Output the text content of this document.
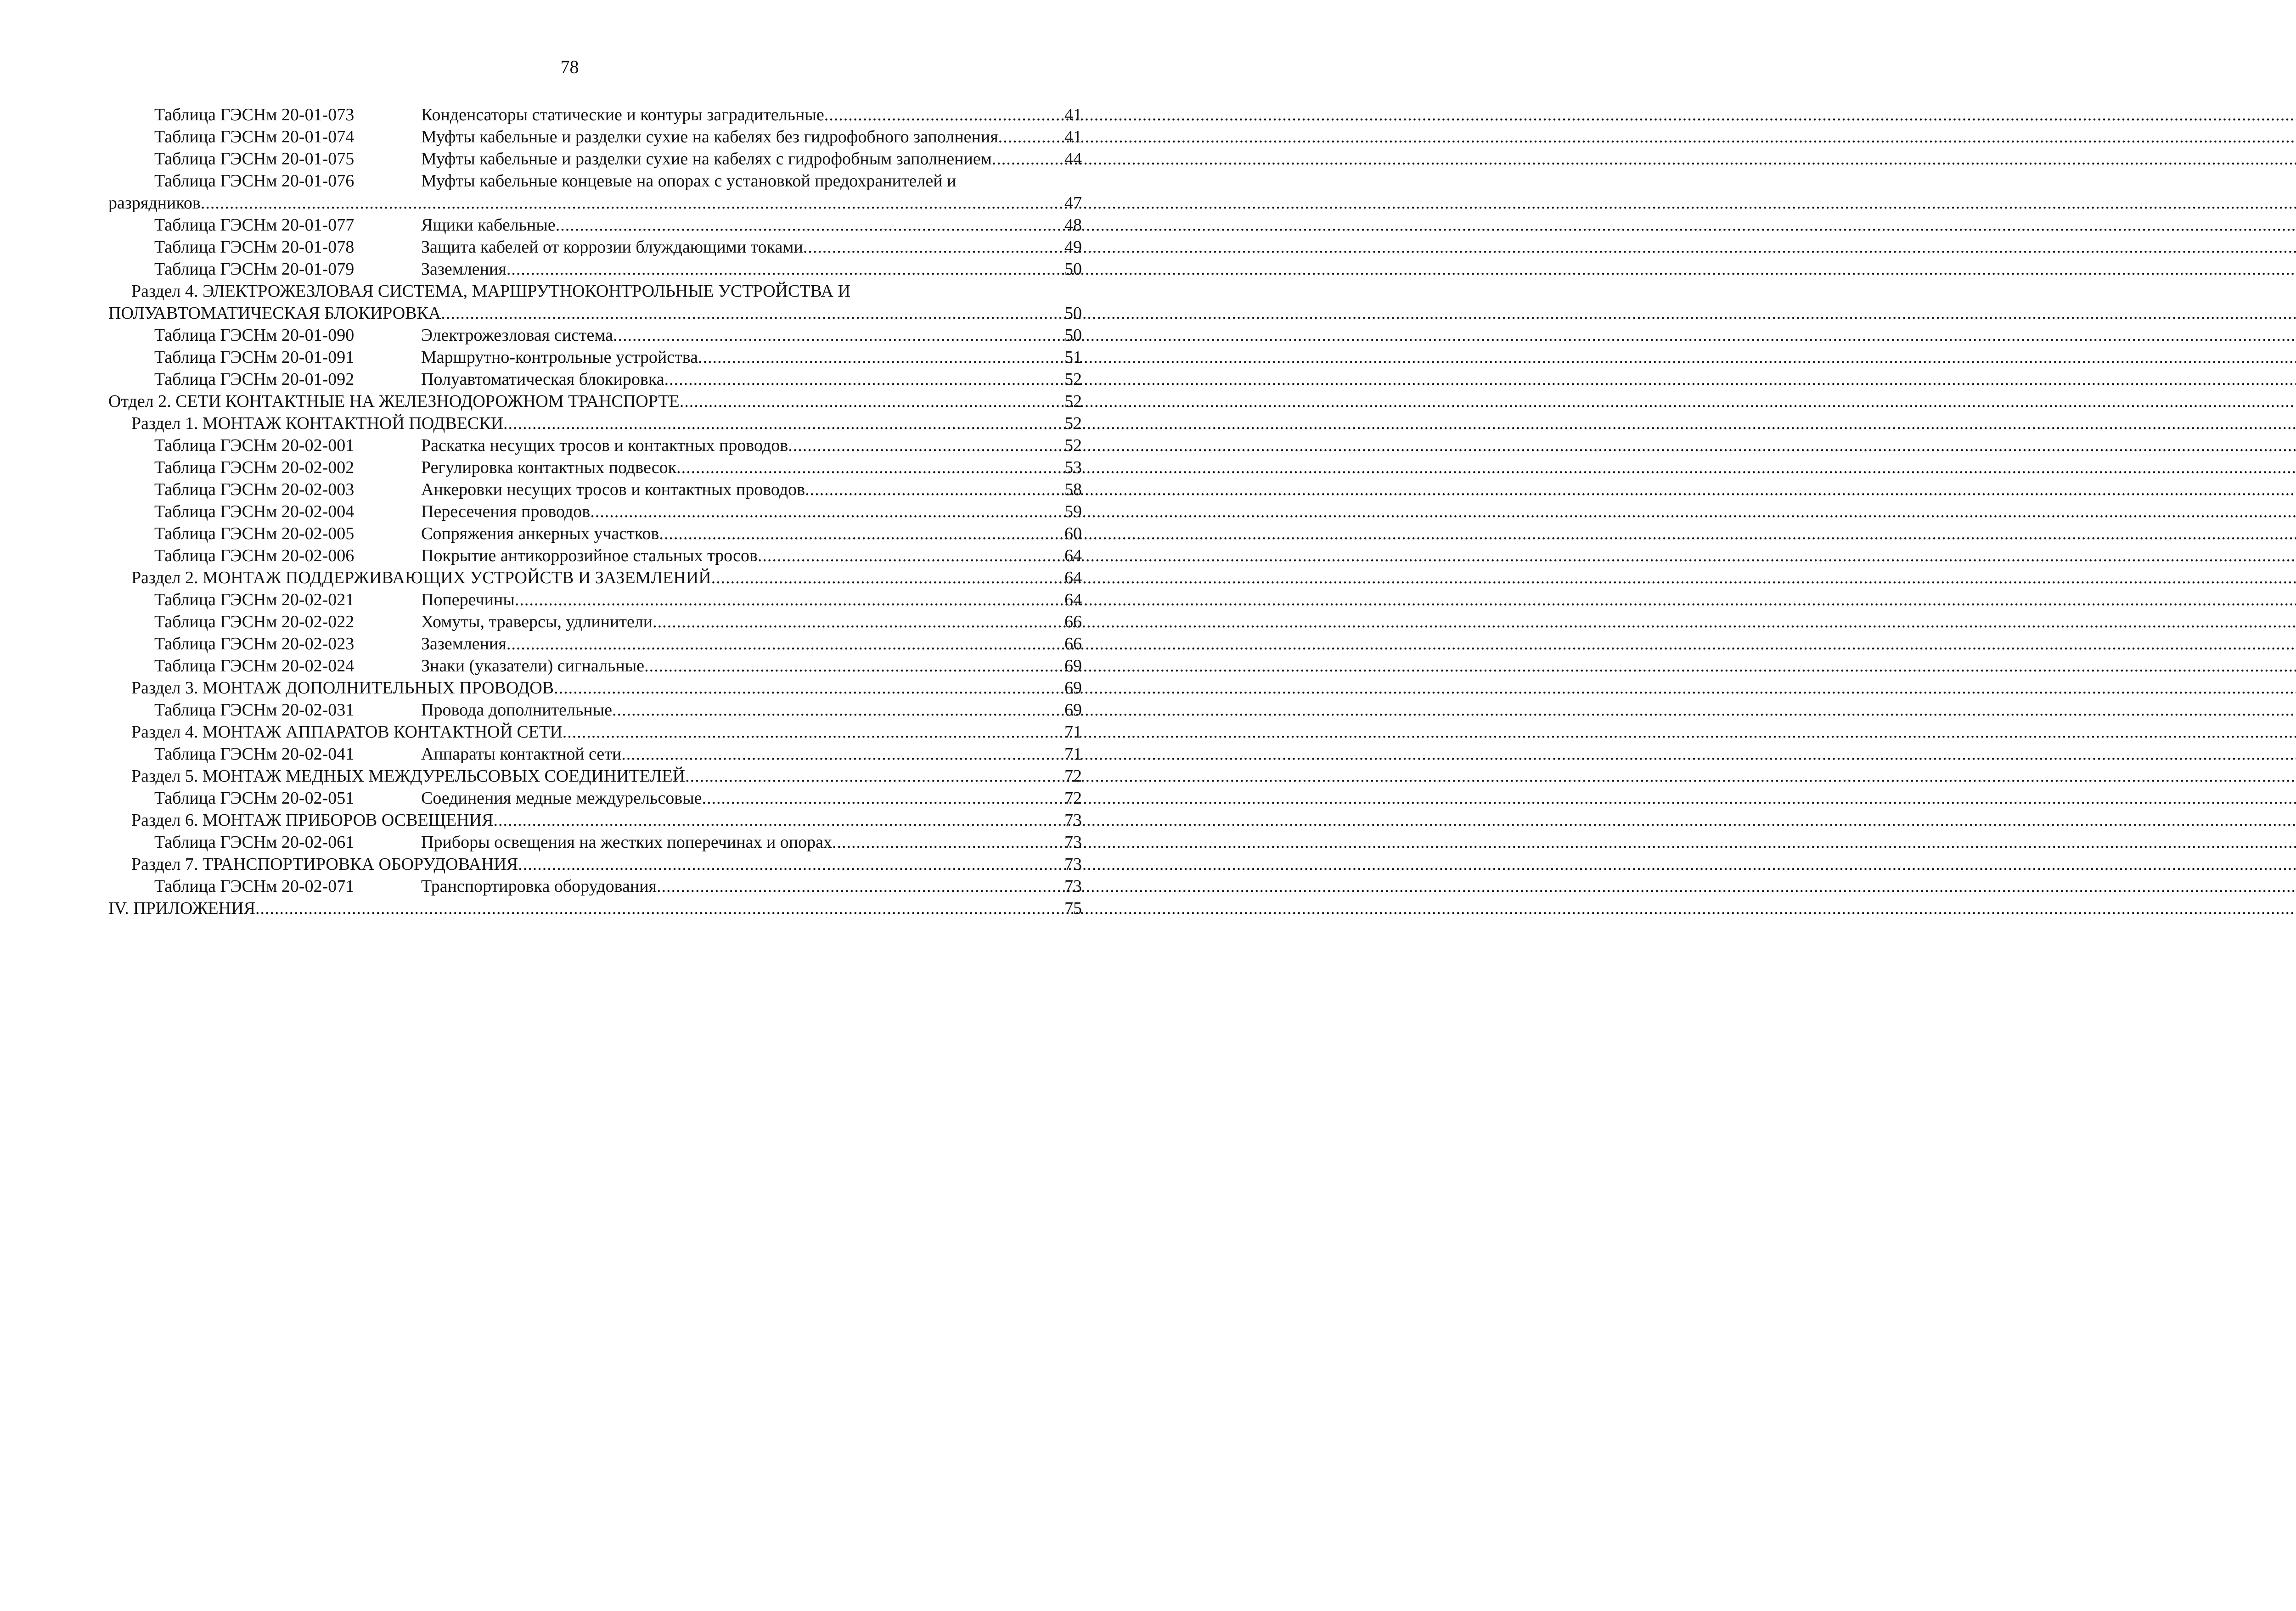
78
Таблица ГЭСНм 20-01-073	Конденсаторы статические и контуры заградительные .....	41
Таблица ГЭСНм 20-01-074	Муфты кабельные и разделки сухие на кабелях без гидрофобного заполнения .....	41
Таблица ГЭСНм 20-01-075	Муфты кабельные и разделки сухие на кабелях с гидрофобным заполнением .....	44
Таблица ГЭСНм 20-01-076	Муфты кабельные концевые на опорах с установкой предохранителей и
разрядников .....	47
Таблица ГЭСНм 20-01-077	Ящики кабельные .....	48
Таблица ГЭСНм 20-01-078	Защита кабелей от коррозии блуждающими токами .....	49
Таблица ГЭСНм 20-01-079	Заземления .....	50
Раздел 4. ЭЛЕКТРОЖЕЗЛОВАЯ СИСТЕМА, МАРШРУТНОКОНТРОЛЬНЫЕ УСТРОЙСТВА И
ПОЛУАВТОМАТИЧЕСКАЯ БЛОКИРОВКА .....	50
Таблица ГЭСНм 20-01-090	Электрожезловая система .....	50
Таблица ГЭСНм 20-01-091	Маршрутно-контрольные устройства .....	51
Таблица ГЭСНм 20-01-092	Полуавтоматическая блокировка .....	52
Отдел 2. СЕТИ КОНТАКТНЫЕ НА ЖЕЛЕЗНОДОРОЖНОМ ТРАНСПОРТЕ .....	52
Раздел 1. МОНТАЖ КОНТАКТНОЙ ПОДВЕСКИ .....	52
Таблица ГЭСНм 20-02-001	Раскатка несущих тросов и контактных проводов .....	52
Таблица ГЭСНм 20-02-002	Регулировка контактных подвесок .....	53
Таблица ГЭСНм 20-02-003	Анкеровки несущих тросов и контактных проводов .....	58
Таблица ГЭСНм 20-02-004	Пересечения проводов .....	59
Таблица ГЭСНм 20-02-005	Сопряжения анкерных участков .....	60
Таблица ГЭСНм 20-02-006	Покрытие антикоррозийное стальных тросов .....	64
Раздел 2. МОНТАЖ ПОДДЕРЖИВАЮЩИХ УСТРОЙСТВ И ЗАЗЕМЛЕНИЙ .....	64
Таблица ГЭСНм 20-02-021	Поперечины .....	64
Таблица ГЭСНм 20-02-022	Хомуты, траверсы, удлинители .....	66
Таблица ГЭСНм 20-02-023	Заземления .....	66
Таблица ГЭСНм 20-02-024	Знаки (указатели) сигнальные .....	69
Раздел 3. МОНТАЖ ДОПОЛНИТЕЛЬНЫХ ПРОВОДОВ .....	69
Таблица ГЭСНм 20-02-031	Провода дополнительные .....	69
Раздел 4. МОНТАЖ АППАРАТОВ КОНТАКТНОЙ СЕТИ .....	71
Таблица ГЭСНм 20-02-041	Аппараты контактной сети .....	71
Раздел 5. МОНТАЖ МЕДНЫХ МЕЖДУРЕЛЬСОВЫХ СОЕДИНИТЕЛЕЙ .....	72
Таблица ГЭСНм 20-02-051	Соединения медные междурельсовые .....	72
Раздел 6. МОНТАЖ ПРИБОРОВ ОСВЕЩЕНИЯ .....	73
Таблица ГЭСНм 20-02-061	Приборы освещения на жестких поперечинах и опорах .....	73
Раздел 7. ТРАНСПОРТИРОВКА ОБОРУДОВАНИЯ .....	73
Таблица ГЭСНм 20-02-071	Транспортировка оборудования .....	73
IV. ПРИЛОЖЕНИЯ .....	75
